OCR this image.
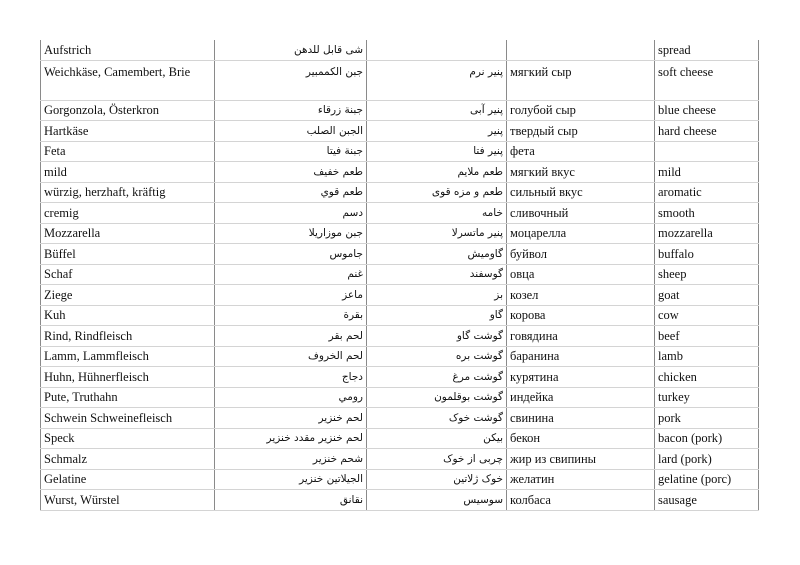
Aufstrich	شى قابل للدهن			spread
Weichkäse, Camembert, Brie	جبن الكممبير	پنیر نرم	мягкий сыр	soft cheese
Gorgonzola, Österkron	جبنة زرقاء	پنیر آبی	голубой сыр	blue cheese
Hartkäse	الجبن الصلب	پنیر	твердый сыр	hard cheese
Feta	جبنة فيتا	پنیر فتا	фета	
mild	طعم خفيف	طعم ملایم	мягкий вкус	mild
würzig, herzhaft, kräftig	طعم قوي	طعم و مزه قوی	сильный вкус	aromatic
cremig	دسم	خامه	сливочный	smooth
Mozzarella	جبن موزاريلا	پنیر ماتسرلا	моцарелла	mozzarella
Büffel	جاموس	گاومیش	буйвол	buffalo
Schaf	غنم	گوسفند	овца	sheep
Ziege	ماعز	بز	козел	goat
Kuh	بقرة	گاو	корова	cow
Rind, Rindfleisch	لحم بقر	گوشت گاو	говядина	beef
Lamm, Lammfleisch	لحم الخروف	گوشت بره	баранина	lamb
Huhn, Hühnerfleisch	دجاج	گوشت مرغ	курятина	chicken
Pute, Truthahn	رومي	گوشت بوقلمون	индейка	turkey
Schwein Schweinefleisch	لحم خنزير	گوشت خوک	свинина	pork
Speck	لحم خنزير مقدد خنزير	بیکن	бекон	bacon (pork)
Schmalz	شحم خنزير	چربی از خوک	жир из свипины	lard (pork)
Gelatine	الجيلاتين خنزير	خوک ژلاتین	желатин	gelatine (porc)
Wurst, Würstel	نقانق	سوسیس	колбаса	sausage
